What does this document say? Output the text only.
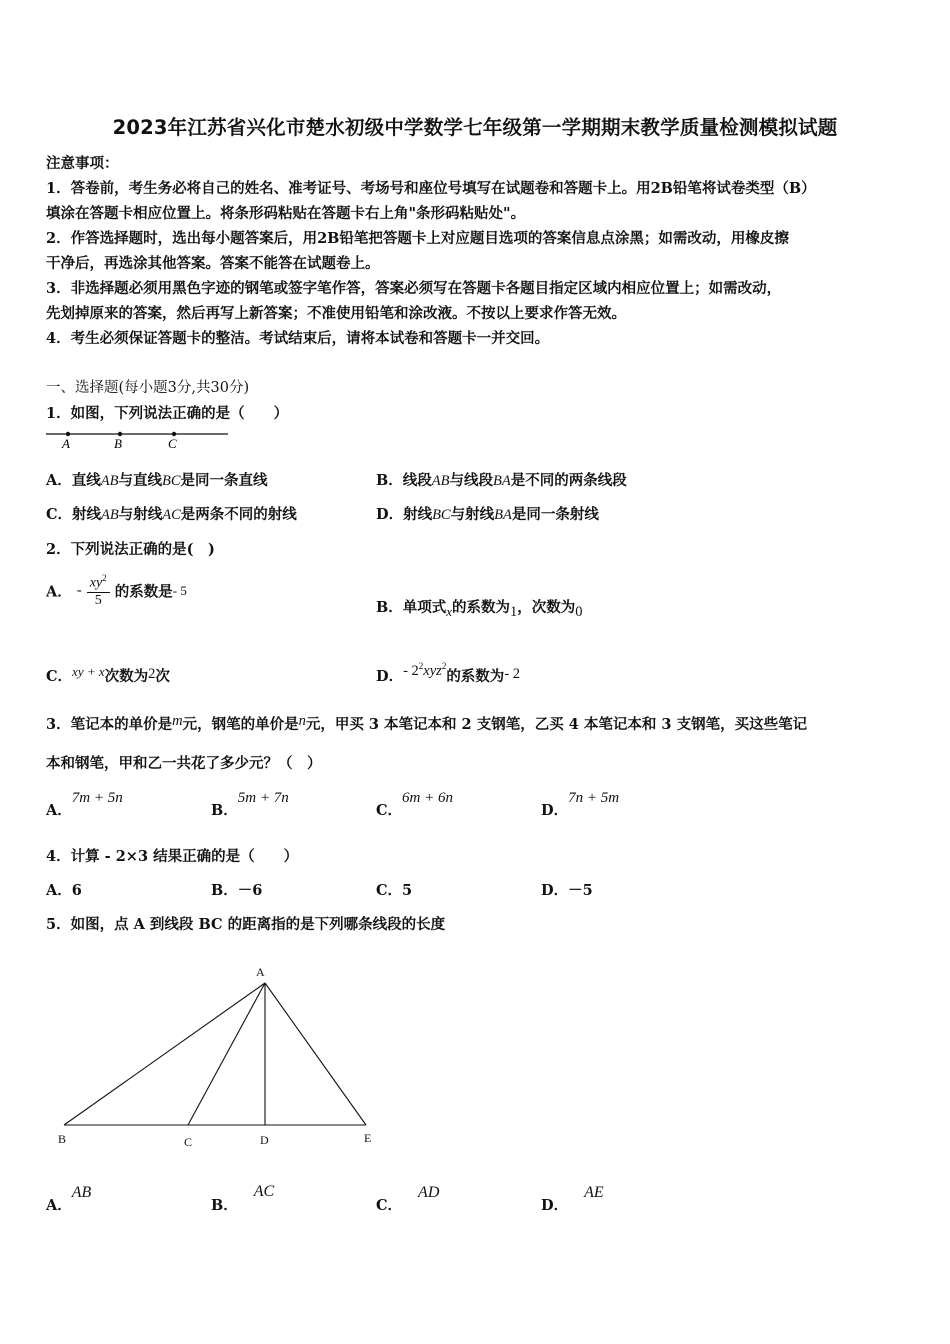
2023年江苏省兴化市楚水初级中学数学七年级第一学期期末教学质量检测模拟试题
注意事项：
1．答卷前，考生务必将自己的姓名、准考证号、考场号和座位号填写在试题卷和答题卡上。用2B铅笔将试卷类型（B）
填涂在答题卡相应位置上。将条形码粘贴在答题卡右上角"条形码粘贴处"。
2．作答选择题时，选出每小题答案后，用2B铅笔把答题卡上对应题目选项的答案信息点涂黑；如需改动，用橡皮擦
干净后，再选涂其他答案。答案不能答在试题卷上。
3．非选择题必须用黑色字迹的钢笔或签字笔作答，答案必须写在答题卡各题目指定区域内相应位置上；如需改动，
先划掉原来的答案，然后再写上新答案；不准使用铅笔和涂改液。不按以上要求作答无效。
4．考生必须保证答题卡的整洁。考试结束后，请将本试卷和答题卡一并交回。
一、选择题(每小题3分,共30分)
1．如图，下列说法正确的是（　　）
A	B	C
A．直线AB与直线BC是同一条直线	B．线段AB与线段BA是不同的两条线段
C．射线AB与射线AC是两条不同的射线	D．射线BC与射线BA是同一条射线
2．下列说法正确的是(　)
A． - $\frac{xy^2}{5}$ 的系数是- 5
B．单项式x的系数为1，次数为0
C．xy + x次数为2次	D．- $2^2xyz^2$的系数为- 2
3．笔记本的单价是m元，钢笔的单价是n元，甲买 3 本笔记本和 2 支钢笔，乙买 4 本笔记本和 3 支钢笔，买这些笔记
本和钢笔，甲和乙一共花了多少元？（　）
A．7m + 5n
B．5m + 7n
C．6m + 6n
D．7n + 5m
4．计算 - 2×3 结果正确的是（　　）
A．6	B．－6	C．5	D．－5
5．如图，点 A 到线段 BC 的距离指的是下列哪条线段的长度
A
B	C	D	E
A．AB
B．AC
C．AD
D．AE
